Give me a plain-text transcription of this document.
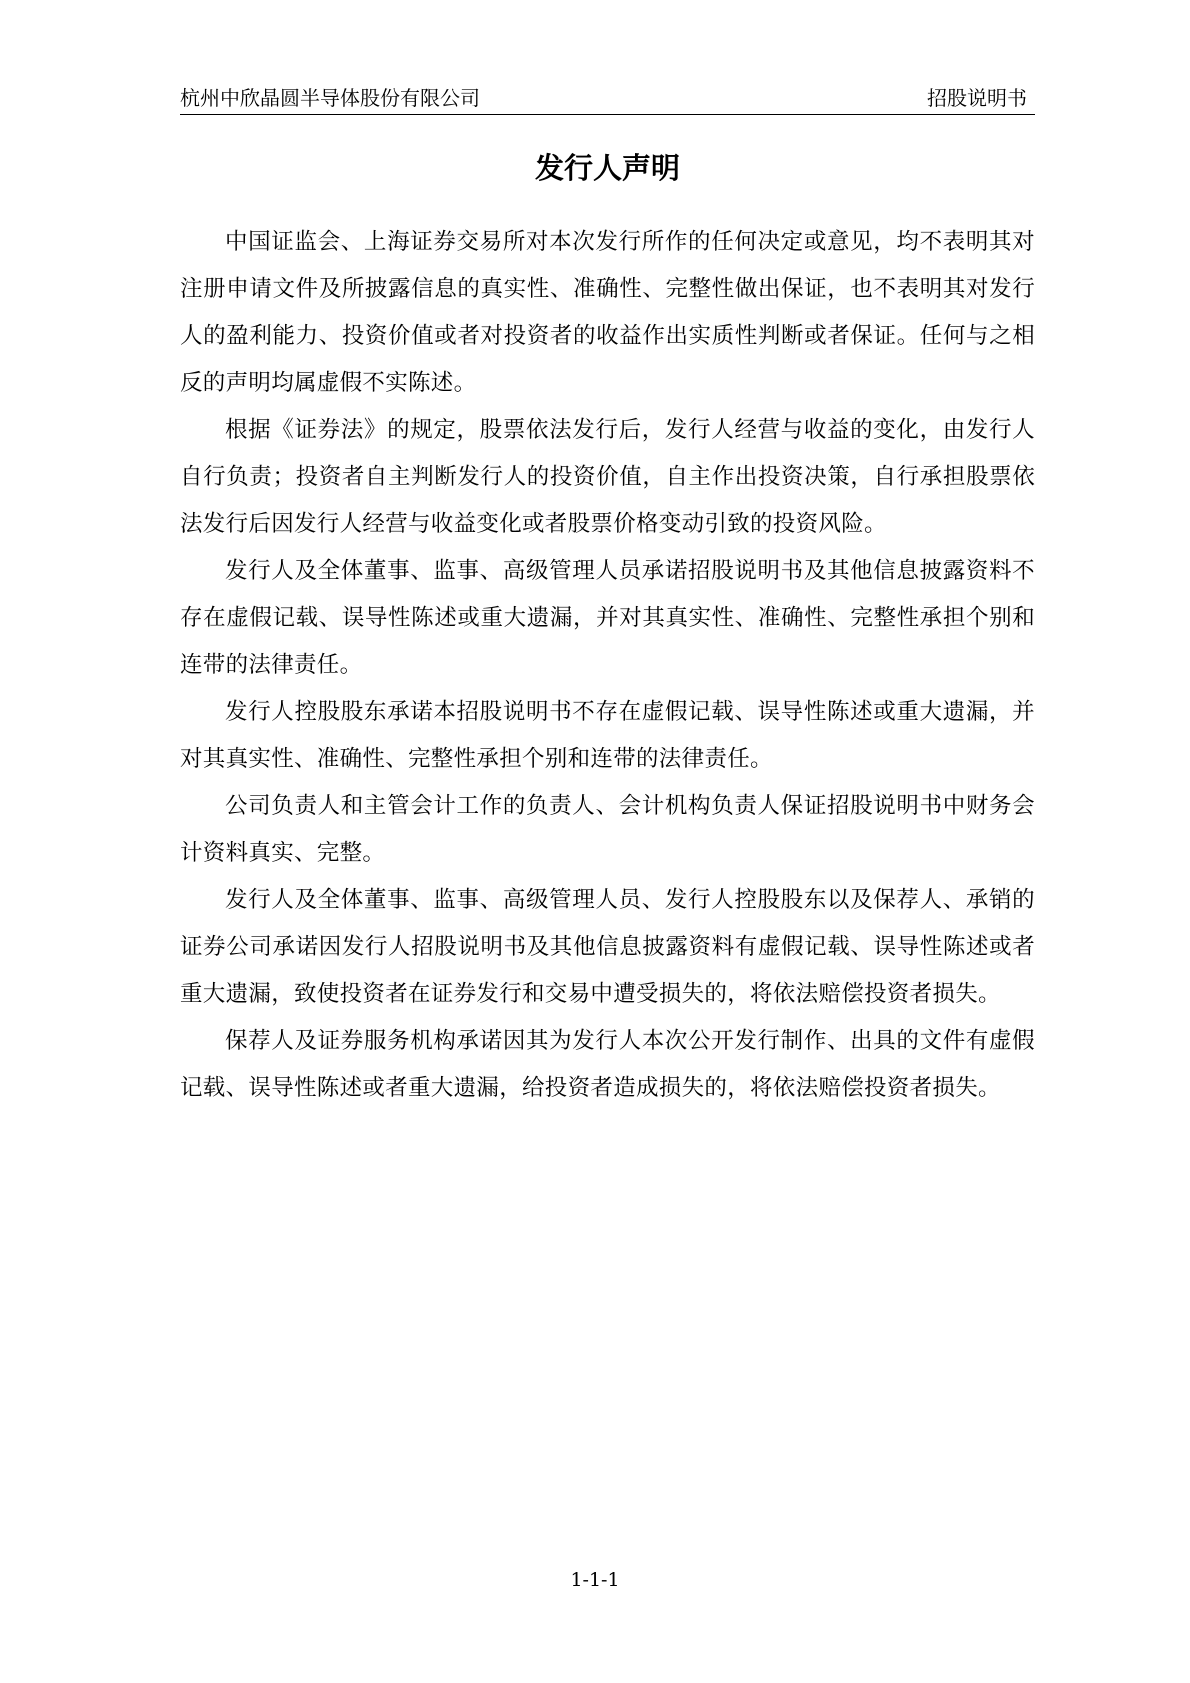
杭州中欣晶圆半导体股份有限公司	招股说明书
发行人声明

中国证监会、上海证券交易所对本次发行所作的任何决定或意见，均不表明其对注册申请文件及所披露信息的真实性、准确性、完整性做出保证，也不表明其对发行人的盈利能力、投资价值或者对投资者的收益作出实质性判断或者保证。任何与之相反的声明均属虚假不实陈述。

根据《证券法》的规定，股票依法发行后，发行人经营与收益的变化，由发行人自行负责；投资者自主判断发行人的投资价值，自主作出投资决策，自行承担股票依法发行后因发行人经营与收益变化或者股票价格变动引致的投资风险。

发行人及全体董事、监事、高级管理人员承诺招股说明书及其他信息披露资料不存在虚假记载、误导性陈述或重大遗漏，并对其真实性、准确性、完整性承担个别和连带的法律责任。

发行人控股股东承诺本招股说明书不存在虚假记载、误导性陈述或重大遗漏，并对其真实性、准确性、完整性承担个别和连带的法律责任。

公司负责人和主管会计工作的负责人、会计机构负责人保证招股说明书中财务会计资料真实、完整。

发行人及全体董事、监事、高级管理人员、发行人控股股东以及保荐人、承销的证券公司承诺因发行人招股说明书及其他信息披露资料有虚假记载、误导性陈述或者重大遗漏，致使投资者在证券发行和交易中遭受损失的，将依法赔偿投资者损失。

保荐人及证券服务机构承诺因其为发行人本次公开发行制作、出具的文件有虚假记载、误导性陈述或者重大遗漏，给投资者造成损失的，将依法赔偿投资者损失。

1-1-1
